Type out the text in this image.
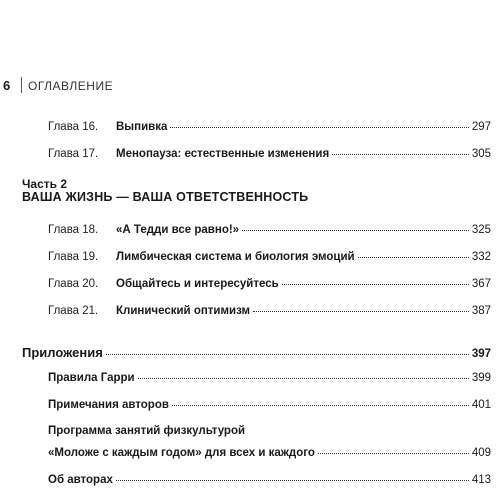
6 ОГЛАВЛЕНИЕ
Глава 16.	Выпивка	297
Глава 17.	Менопауза: естественные изменения	305
Часть 2
ВАША ЖИЗНЬ — ВАША ОТВЕТСТВЕННОСТЬ
Глава 18.	«А Тедди все равно!»	325
Глава 19.	Лимбическая система и биология эмоций	332
Глава 20.	Общайтесь и интересуйтесь	367
Глава 21.	Клинический оптимизм	387
Приложения	397
Правила Гарри	399
Примечания авторов	401
Программа занятий физкультурой
«Моложе с каждым годом» для всех и каждого	409
Об авторах	413
